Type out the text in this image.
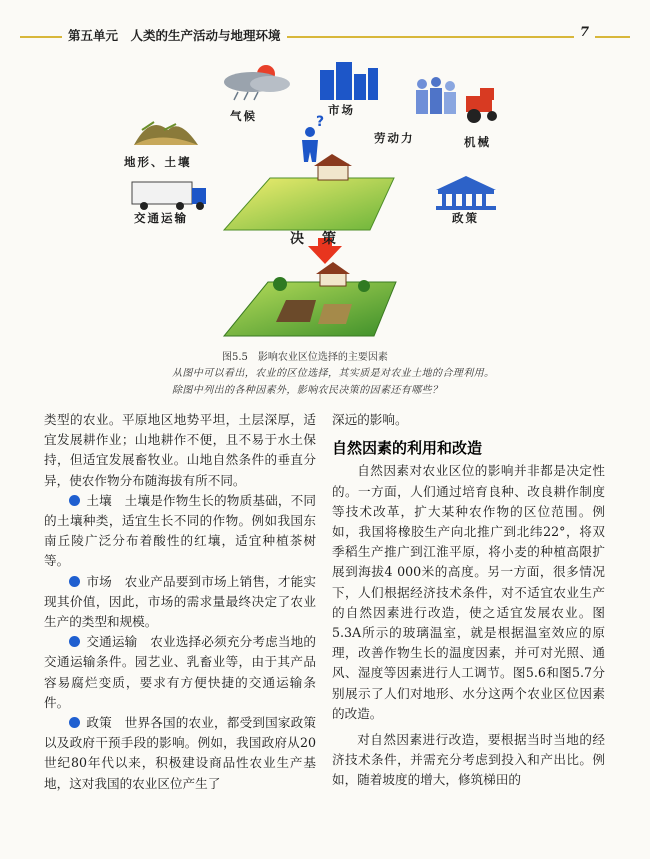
第五单元　人类的生产活动与地理环境	7
?
气候	市场
劳动力	机械
地形、土壤
交通运输	政策
决　策
图5.5　影响农业区位选择的主要因素
从图中可以看出，农业的区位选择，其实质是对农业土地的合理利用。
除图中列出的各种因素外，影响农民决策的因素还有哪些？

类型的农业。平原地区地势平坦，土层深厚，适宜发展耕作业；山地耕作不便，且不易于水土保持，但适宜发展畜牧业。山地自然条件的垂直分异，使农作物分布随海拔有所不同。

土壤　土壤是作物生长的物质基础，不同的土壤种类，适宜生长不同的作物。例如我国东南丘陵广泛分布着酸性的红壤，适宜种植茶树等。

市场　农业产品要到市场上销售，才能实现其价值，因此，市场的需求量最终决定了农业生产的类型和规模。

交通运输　农业选择必须充分考虑当地的交通运输条件。园艺业、乳畜业等，由于其产品容易腐烂变质，要求有方便快捷的交通运输条件。

政策　世界各国的农业，都受到国家政策以及政府干预手段的影响。例如，我国政府从20世纪80年代以来，积极建设商品性农业生产基地，这对我国的农业区位产生了

深远的影响。

自然因素的利用和改造

自然因素对农业区位的影响并非都是决定性的。一方面，人们通过培育良种、改良耕作制度等技术改革，扩大某种农作物的区位范围。例如，我国将橡胶生产向北推广到北纬22°，将双季稻生产推广到江淮平原，将小麦的种植高限扩展到海拔4 000米的高度。另一方面，很多情况下，人们根据经济技术条件，对不适宜农业生产的自然因素进行改造，使之适宜发展农业。图5.3A所示的玻璃温室，就是根据温室效应的原理，改善作物生长的温度因素，并可对光照、通风、湿度等因素进行人工调节。图5.6和图5.7分别展示了人们对地形、水分这两个农业区位因素的改造。

对自然因素进行改造，要根据当时当地的经济技术条件，并需充分考虑到投入和产出比。例如，随着坡度的增大，修筑梯田的
